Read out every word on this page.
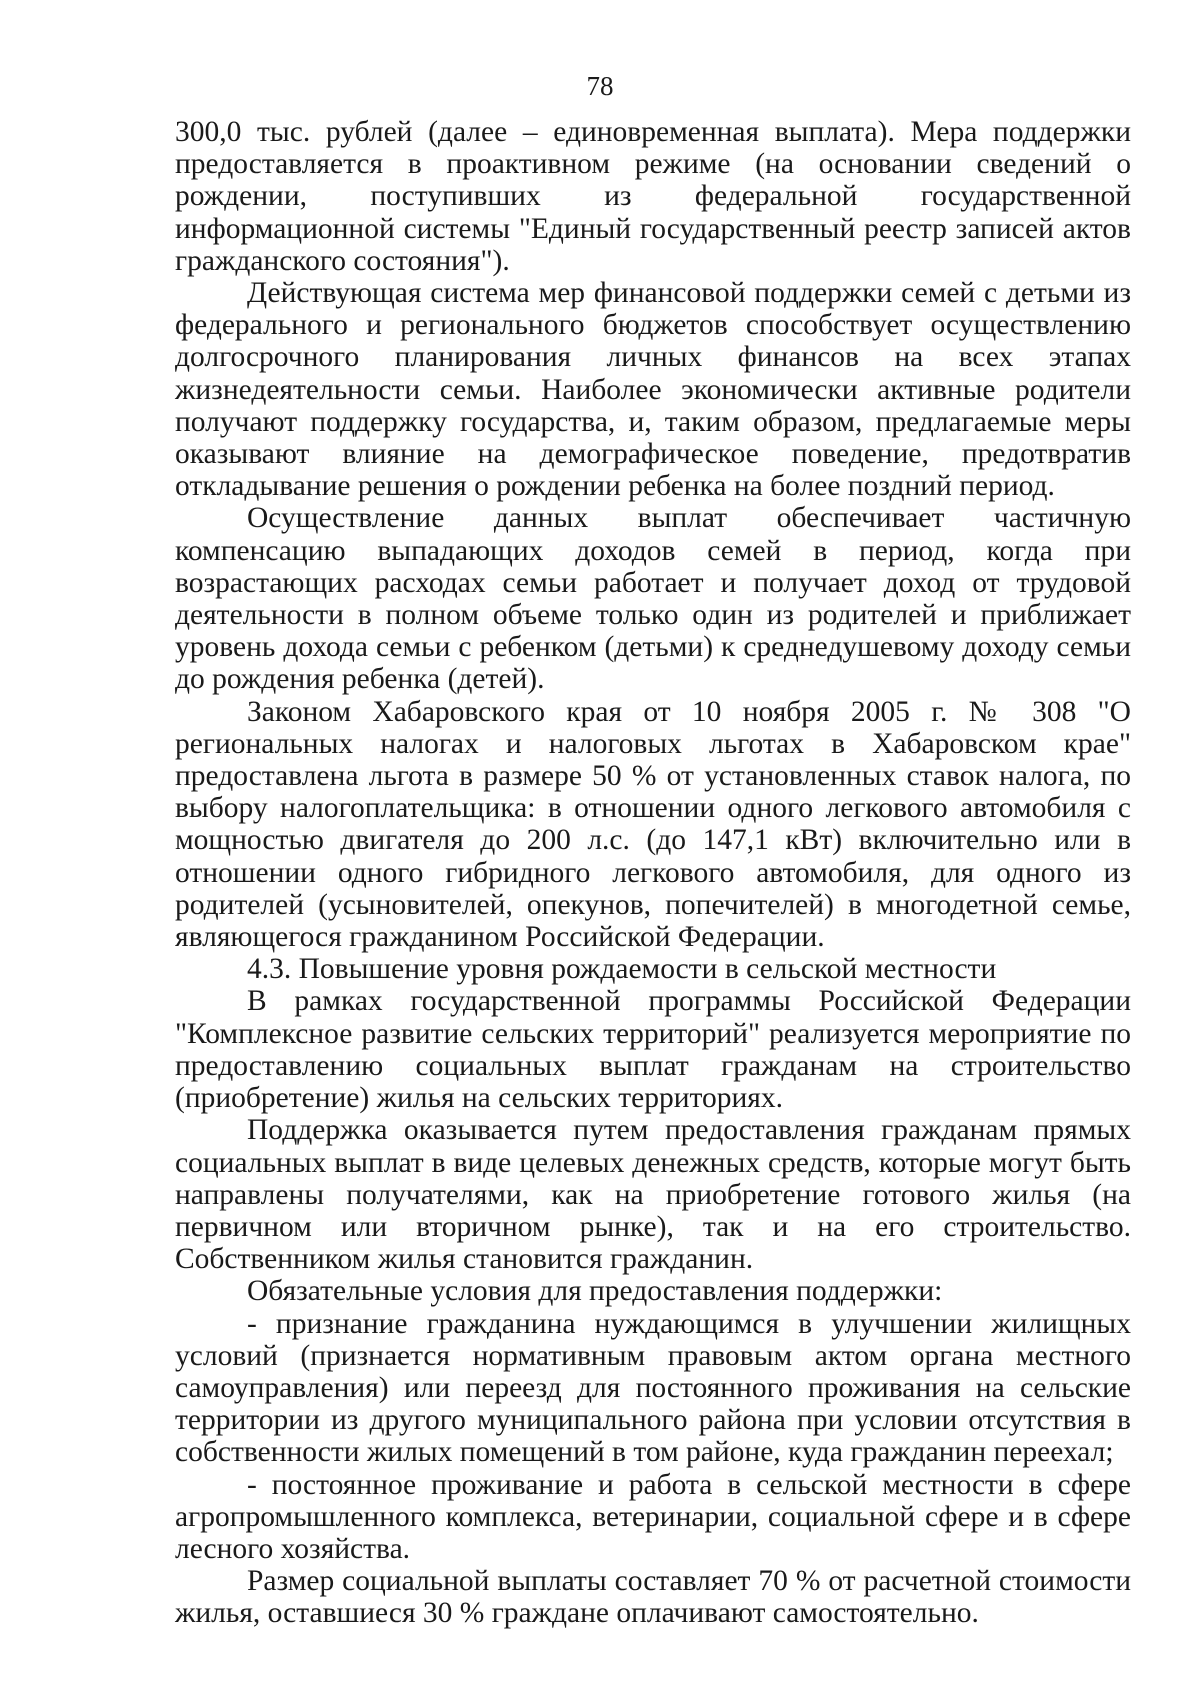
78

300,0 тыс. рублей (далее – единовременная выплата). Мера поддержки предоставляется в проактивном режиме (на основании сведений о рождении, поступивших из федеральной государственной информационной системы "Единый государственный реестр записей актов гражданского состояния").

Действующая система мер финансовой поддержки семей с детьми из федерального и регионального бюджетов способствует осуществлению долгосрочного планирования личных финансов на всех этапах жизнедеятельности семьи. Наиболее экономически активные родители получают поддержку государства, и, таким образом, предлагаемые меры оказывают влияние на демографическое поведение, предотвратив откладывание решения о рождении ребенка на более поздний период.

Осуществление данных выплат обеспечивает частичную компенсацию выпадающих доходов семей в период, когда при возрастающих расходах семьи работает и получает доход от трудовой деятельности в полном объеме только один из родителей и приближает уровень дохода семьи с ребенком (детьми) к среднедушевому доходу семьи до рождения ребенка (детей).

Законом Хабаровского края от 10 ноября 2005 г. № 308 "О региональных налогах и налоговых льготах в Хабаровском крае" предоставлена льгота в размере 50 % от установленных ставок налога, по выбору налогоплательщика: в отношении одного легкового автомобиля с мощностью двигателя до 200 л.с. (до 147,1 кВт) включительно или в отношении одного гибридного легкового автомобиля, для одного из родителей (усыновителей, опекунов, попечителей) в многодетной семье, являющегося гражданином Российской Федерации.

4.3. Повышение уровня рождаемости в сельской местности

В рамках государственной программы Российской Федерации "Комплексное развитие сельских территорий" реализуется мероприятие по предоставлению социальных выплат гражданам на строительство (приобретение) жилья на сельских территориях.

Поддержка оказывается путем предоставления гражданам прямых социальных выплат в виде целевых денежных средств, которые могут быть направлены получателями, как на приобретение готового жилья (на первичном или вторичном рынке), так и на его строительство. Собственником жилья становится гражданин.

Обязательные условия для предоставления поддержки:

- признание гражданина нуждающимся в улучшении жилищных условий (признается нормативным правовым актом органа местного самоуправления) или переезд для постоянного проживания на сельские территории из другого муниципального района при условии отсутствия в собственности жилых помещений в том районе, куда гражданин переехал;

- постоянное проживание и работа в сельской местности в сфере агропромышленного комплекса, ветеринарии, социальной сфере и в сфере лесного хозяйства.

Размер социальной выплаты составляет 70 % от расчетной стоимости жилья, оставшиеся 30 % граждане оплачивают самостоятельно.
